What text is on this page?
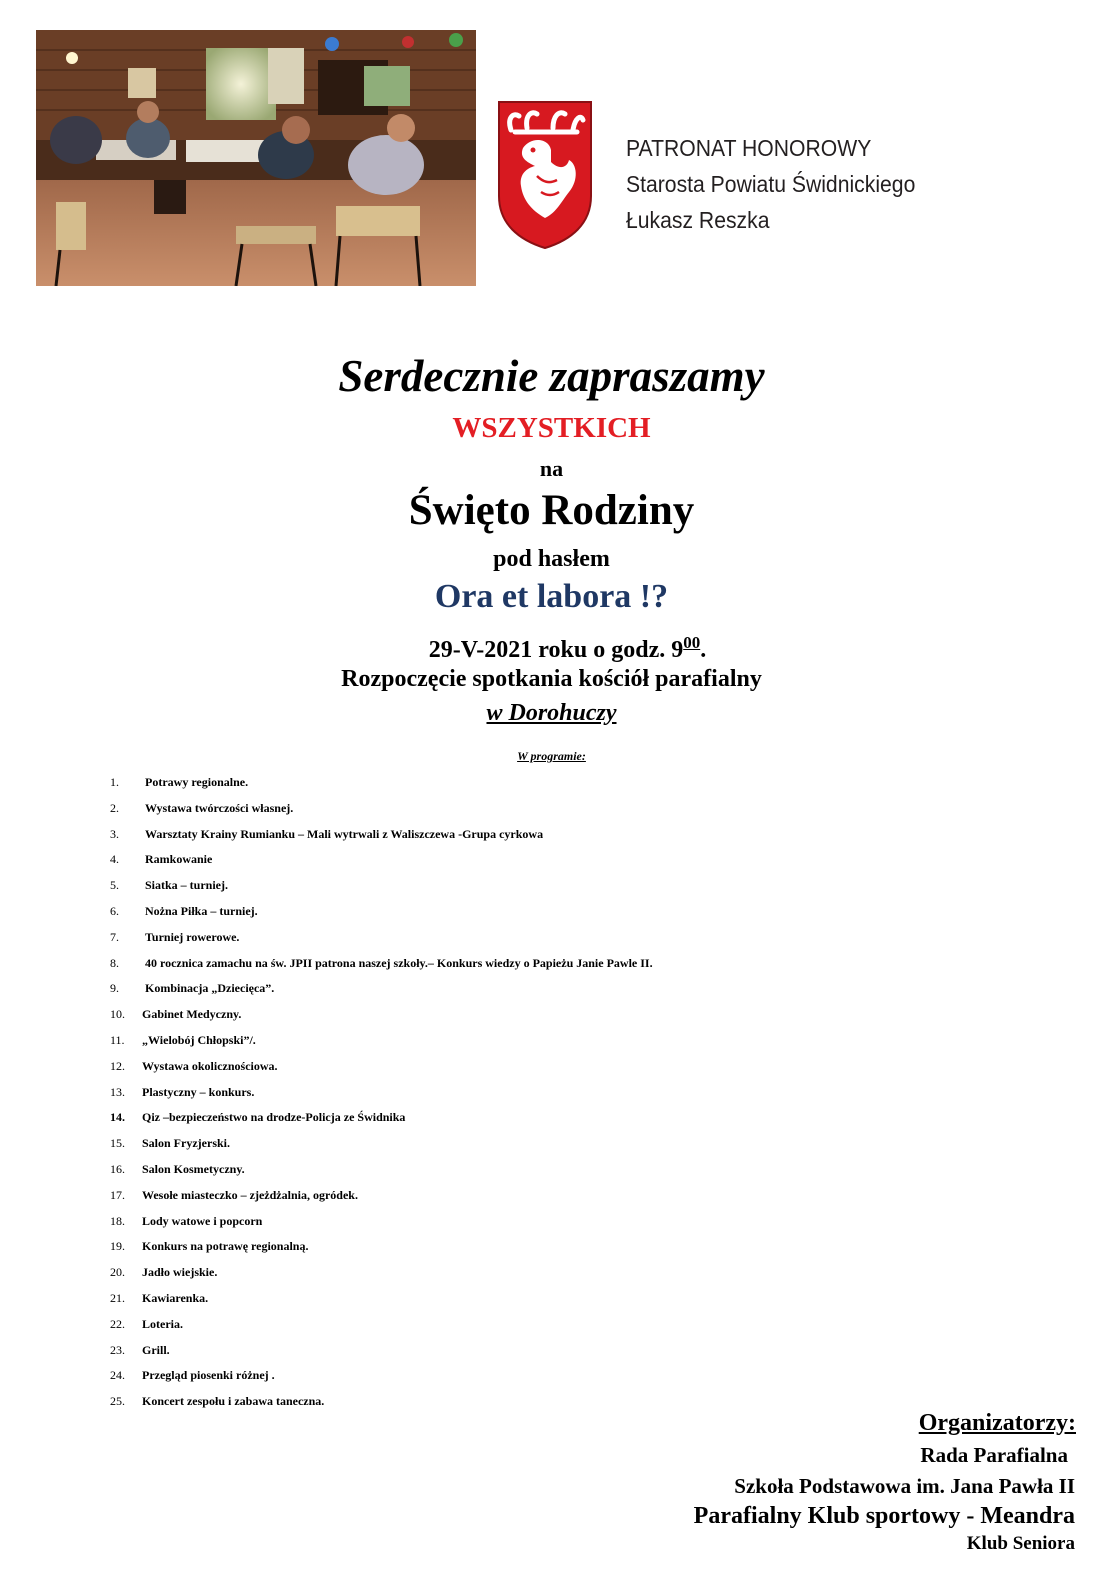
PATRONAT HONOROWY
Starosta Powiatu Świdnickiego
Łukasz Reszka
Serdecznie zapraszamy
WSZYSTKICH
na
Święto Rodziny
pod hasłem
Ora et labora !?
29-V-2021 roku o godz. $9^{00}$.
Rozpoczęcie spotkania kościół parafialny
w Dorohuczy
W programie:
1. Potrawy regionalne.
2. Wystawa twórczości własnej.
3. Warsztaty Krainy Rumianku – Mali wytrwali z Waliszczewa -Grupa cyrkowa
4. Ramkowanie
5. Siatka – turniej.
6. Nożna Piłka – turniej.
7. Turniej rowerowe.
8. 40 rocznica zamachu na św. JPII patrona naszej szkoły.– Konkurs wiedzy o Papieżu Janie Pawle II.
9. Kombinacja „Dziecięca”.
10. Gabinet Medyczny.
11. „Wielobój Chłopski”/.
12. Wystawa okolicznościowa.
13. Plastyczny – konkurs.
14. Qiz –bezpieczeństwo na drodze-Policja ze Świdnika
15. Salon Fryzjerski.
16. Salon Kosmetyczny.
17. Wesołe miasteczko – zjeżdżalnia, ogródek.
18. Lody watowe i popcorn
19. Konkurs na potrawę regionalną.
20. Jadło wiejskie.
21. Kawiarenka.
22. Loteria.
23. Grill.
24. Przegląd piosenki różnej .
25. Koncert zespołu i zabawa taneczna.
Organizatorzy:
Rada Parafialna
Szkoła Podstawowa im. Jana Pawła II
Parafialny Klub sportowy - Meandra
Klub Seniora
